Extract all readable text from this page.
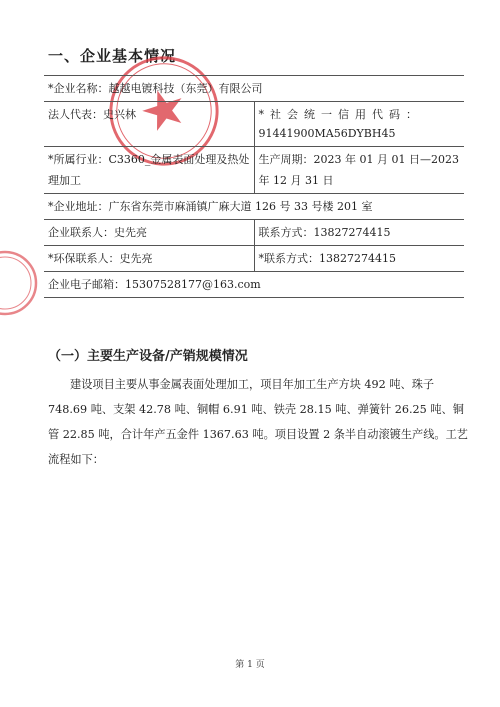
一、企业基本情况
*企业名称：越越电镀科技（东莞）有限公司	
法人代表：史兴林	*社会统一信用代码：
91441900MA56DYBH45

*所属行业：C3360_金属表面处理及热处理加工	生产周期：2023 年 01 月 01 日—2023 年 12 月 31 日
*企业地址：广东省东莞市麻涌镇广麻大道 126 号 33 号楼 201 室	
企业联系人：史先亮	联系方式：13827274415
*环保联系人：史先亮	*联系方式：13827274415
企业电子邮箱：15307528177@163.com	
（一）主要生产设备/产销规模情况

建设项目主要从事金属表面处理加工，项目年加工生产方块 492 吨、珠子 748.69 吨、支架 42.78 吨、铜帽 6.91 吨、铁壳 28.15 吨、弹簧针 26.25 吨、铜管 22.85 吨，合计年产五金件 1367.63 吨。项目设置 2 条半自动滚镀生产线。工艺流程如下：

第 1 页
